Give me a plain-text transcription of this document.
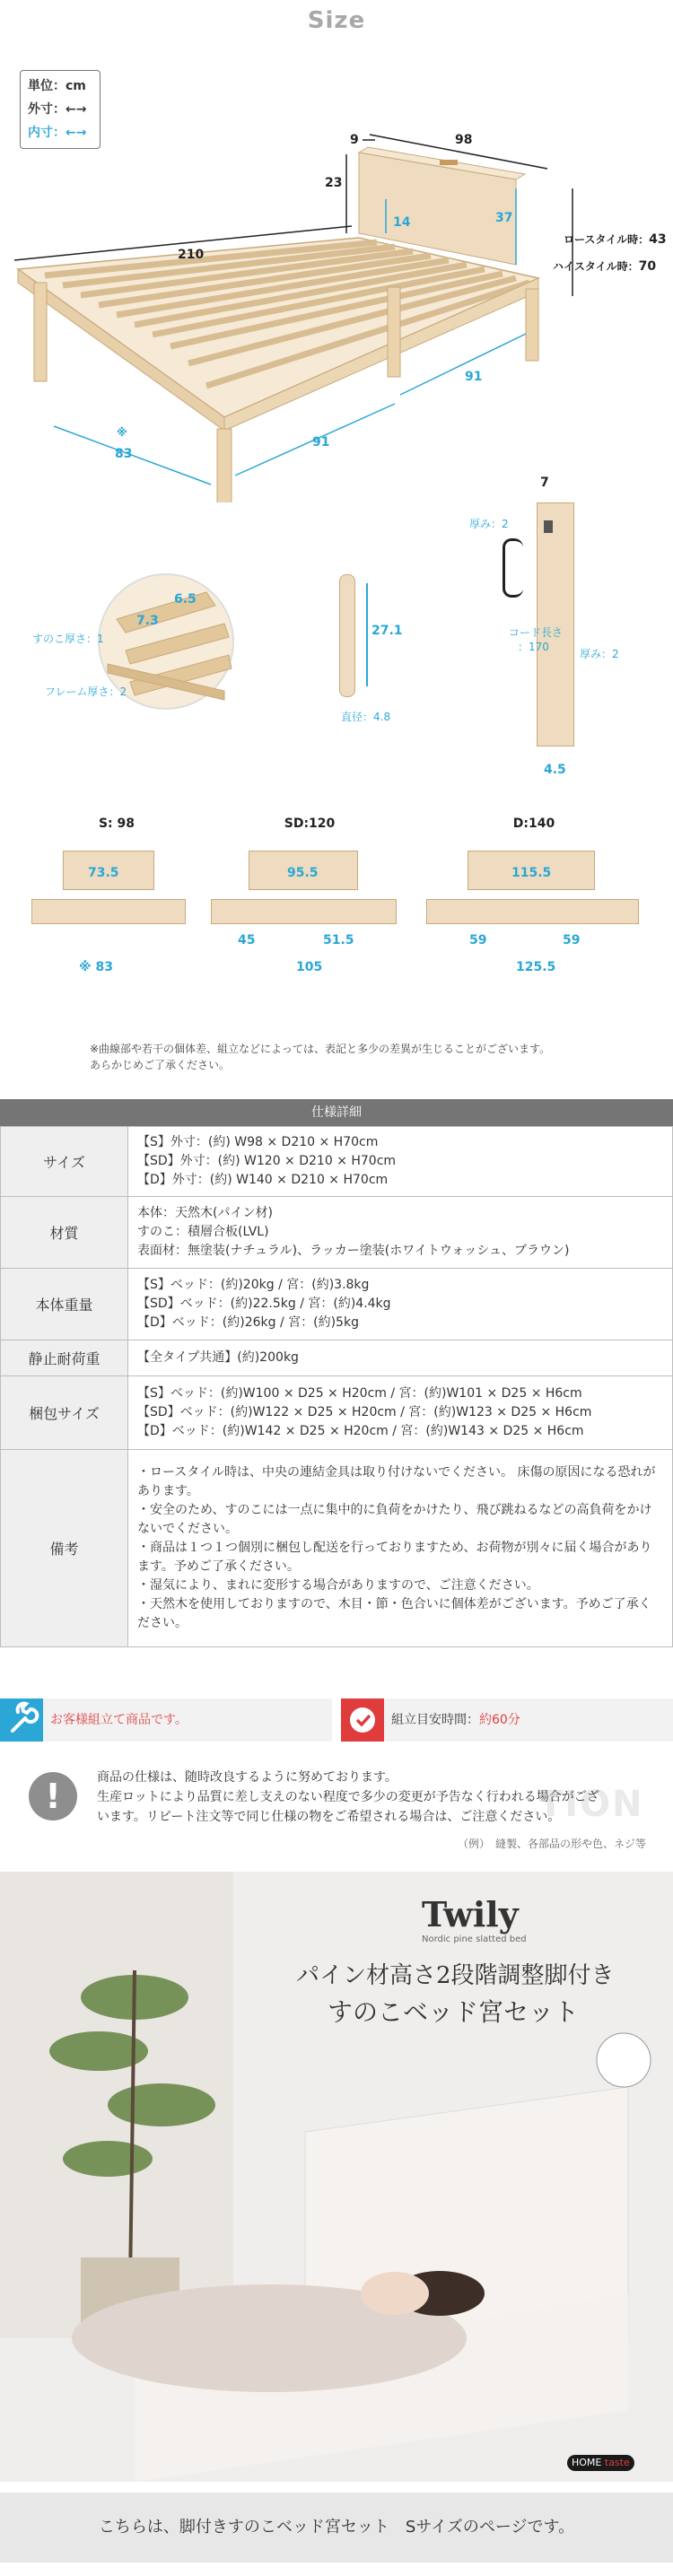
Size
単位：cm
外寸：←→
内寸：←→	9	98
23
14	37
ロースタイル時：43
ハイスタイル時：70
210
91
91
※
83
6.5
7.3
すのこ厚さ：1
フレーム厚さ：2
27.1
直径：4.8
7
厚み：2
コード長さ
：170
厚み：2
4.5
S: 98
73.5
※ 83
SD:120
95.5
45	51.5
105
D:140
115.5
59	59
125.5
※曲線部や若干の個体差、組立などによっては、表記と多少の差異が生じることがございます。
あらかじめご了承ください。
仕様詳細
サイズ	【S】外寸：(約) W98 × D210 × H70cm
【SD】外寸：(約) W120 × D210 × H70cm
【D】外寸：(約) W140 × D210 × H70cm
材質	本体：天然木(パイン材)
すのこ：積層合板(LVL)
表面材：無塗装(ナチュラル)、ラッカー塗装(ホワイトウォッシュ、ブラウン)
本体重量	【S】ベッド：(約)20kg / 宮：(約)3.8kg
【SD】ベッド：(約)22.5kg / 宮：(約)4.4kg
【D】ベッド：(約)26kg / 宮：(約)5kg
静止耐荷重	【全タイプ共通】(約)200kg
梱包サイズ	【S】ベッド：(約)W100 × D25 × H20cm / 宮：(約)W101 × D25 × H6cm
【SD】ベッド：(約)W122 × D25 × H20cm / 宮：(約)W123 × D25 × H6cm
【D】ベッド：(約)W142 × D25 × H20cm / 宮：(約)W143 × D25 × H6cm
備考	・ロースタイル時は、中央の連結金具は取り付けないでください。 床傷の原因になる恐れがあります。
・安全のため、すのこには一点に集中的に負荷をかけたり、飛び跳ねるなどの高負荷をかけないでください。
・商品は１つ１つ個別に梱包し配送を行っておりますため、お荷物が別々に届く場合があります。予めご了承ください。
・湿気により、まれに変形する場合がありますので、ご注意ください。
・天然木を使用しておりますので、木目・節・色合いに個体差がございます。予めご了承ください。
お客様組立て商品です。	組立目安時間：約60分
TION
!	商品の仕様は、随時改良するように努めております。
生産ロットにより品質に差し支えのない程度で多少の変更が予告なく行われる場合がございます。リピート注文等で同じ仕様の物をご希望される場合は、ご注意ください。
（例）　縫製、各部品の形や色、ネジ等
Twily
Nordic pine slatted bed
パイン材高さ2段階調整脚付き
すのこベッド宮セット
HOME taste
こちらは、脚付きすのこベッド宮セット　Sサイズのページです。
